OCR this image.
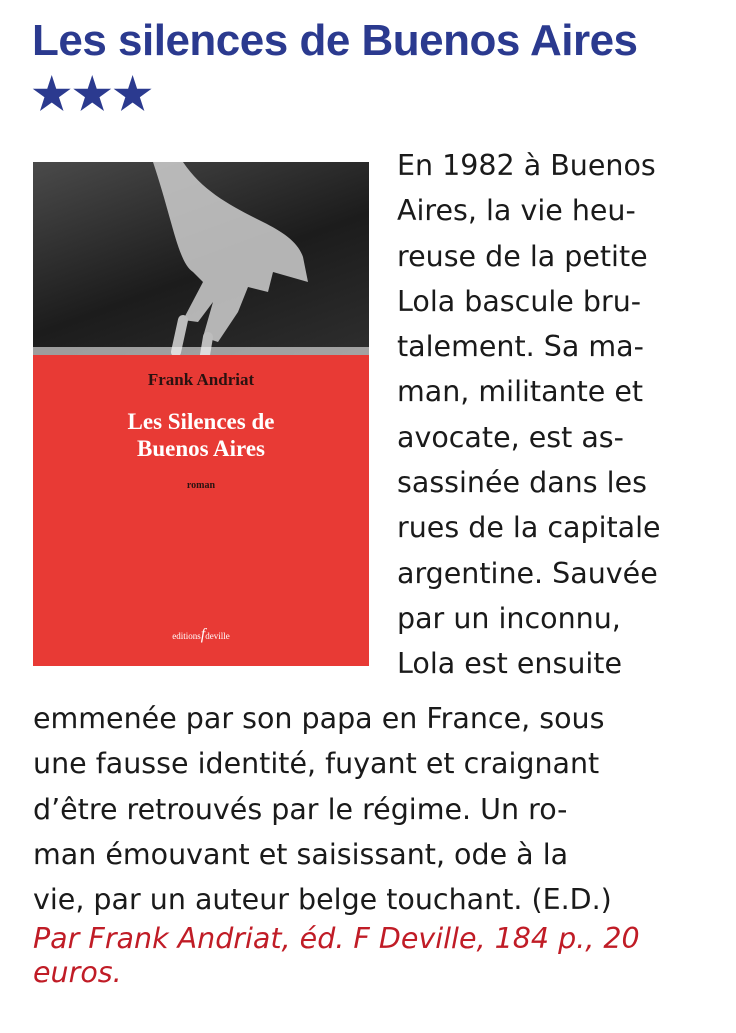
Les silences de Buenos Aires ★★★
Frank Andriat
Les Silences de
Buenos Aires
roman
editionsfdeville

En 1982 à Buenos
Aires, la vie heu-
reuse de la petite
Lola bascule bru-
talement. Sa ma-
man, militante et
avocate, est as-
sassinée dans les
rues de la capitale
argentine. Sauvée
par un inconnu,
Lola est ensuite

emmenée par son papa en France, sous
une fausse identité, fuyant et craignant
d’être retrouvés par le régime. Un ro-
man émouvant et saisissant, ode à la
vie, par un auteur belge touchant. (E.D.)

Par Frank Andriat, éd. F Deville, 184 p., 20 euros.
